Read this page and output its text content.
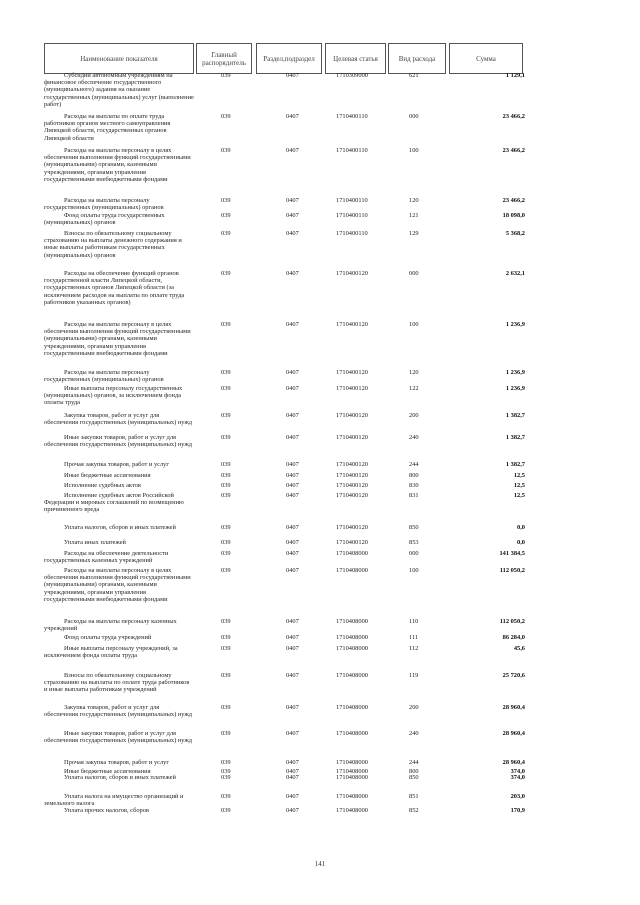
Наименование показателя	Главный распорядитель	Раздел,подраздел	Целевая статья	Вид расхода	Сумма
Субсидии автономным учреждениям на финансовое обеспечение государственного (муниципального) задания на оказание государственных (муниципальных) услуг (выполнение работ)
039	0407	1710309000	621	1 129,1
Расходы на выплаты по оплате труда работников органов местного самоуправления Липецкой области, государственных органов Липецкой области
039	0407	1710400110	000	23 466,2
Расходы на выплаты персоналу в целях обеспечения выполнения функций государственными (муниципальными) органами, казенными учреждениями, органами управления государственными внебюджетными фондами
039	0407	1710400110	100	23 466,2
Расходы на выплаты персоналу государственных (муниципальных) органов
039	0407	1710400110	120	23 466,2
Фонд оплаты труда государственных (муниципальных) органов
039	0407	1710400110	121	18 098,0
Взносы по обязательному социальному страхованию на выплаты денежного содержания и иные выплаты работникам государственных (муниципальных) органов
039	0407	1710400110	129	5 368,2
Расходы на обеспечение функций органов государственной власти Липецкой области, государственных органов Липецкой области (за исключением расходов на выплаты по оплате труда работников указанных органов)
039	0407	1710400120	000	2 632,1
Расходы на выплаты персоналу в целях обеспечения выполнения функций государственными (муниципальными) органами, казенными учреждениями, органами управления государственными внебюджетными фондами
039	0407	1710400120	100	1 236,9
Расходы на выплаты персоналу государственных (муниципальных) органов
039	0407	1710400120	120	1 236,9
Иные выплаты персоналу государственных (муниципальных) органов, за исключением фонда оплаты труда
039	0407	1710400120	122	1 236,9
Закупка товаров, работ и услуг для обеспечения государственных (муниципальных) нужд
039	0407	1710400120	200	1 382,7
Иные закупки товаров, работ и услуг для обеспечения государственных (муниципальных) нужд
039	0407	1710400120	240	1 382,7
Прочая закупка товаров, работ и услуг	039	0407	1710400120	244	1 382,7
Иные бюджетные ассигнования	039	0407	1710400120	800	12,5
Исполнение судебных актов	039	0407	1710400120	830	12,5
Исполнение судебных актов Российской Федерации и мировых соглашений по возмещению причиненного вреда
039	0407	1710400120	831	12,5
Уплата налогов, сборов и иных платежей	039	0407	1710400120	850	0,0
Уплата иных платежей	039	0407	1710400120	853	0,0
Расходы на обеспечение деятельности государственных казенных учреждений
039	0407	1710408000	000	141 384,5
Расходы на выплаты персоналу в целях обеспечения выполнения функций государственными (муниципальными) органами, казенными учреждениями, органами управления государственными внебюджетными фондами
039	0407	1710408000	100	112 050,2
Расходы на выплаты персоналу казенных учреждений
039	0407	1710408000	110	112 050,2
Фонд оплаты труда учреждений	039	0407	1710408000	111	86 284,0
Иные выплаты персоналу учреждений, за исключением фонда оплаты труда
039	0407	1710408000	112	45,6
Взносы по обязательному социальному страхованию на выплаты по оплате труда работников и иные выплаты работникам учреждений
039	0407	1710408000	119	25 720,6
Закупка товаров, работ и услуг для обеспечения государственных (муниципальных) нужд
039	0407	1710408000	200	28 960,4
Иные закупки товаров, работ и услуг для обеспечения государственных (муниципальных) нужд
039	0407	1710408000	240	28 960,4
Прочая закупка товаров, работ и услуг	039	0407	1710408000	244	28 960,4
Иные бюджетные ассигнования	039	0407	1710408000	800	374,0
Уплата налогов, сборов и иных платежей	039	0407	1710408000	850	374,0
Уплата налога на имущество организаций и земельного налога
039	0407	1710408000	851	203,0
Уплата прочих налогов, сборов	039	0407	1710408000	852	170,9
141
